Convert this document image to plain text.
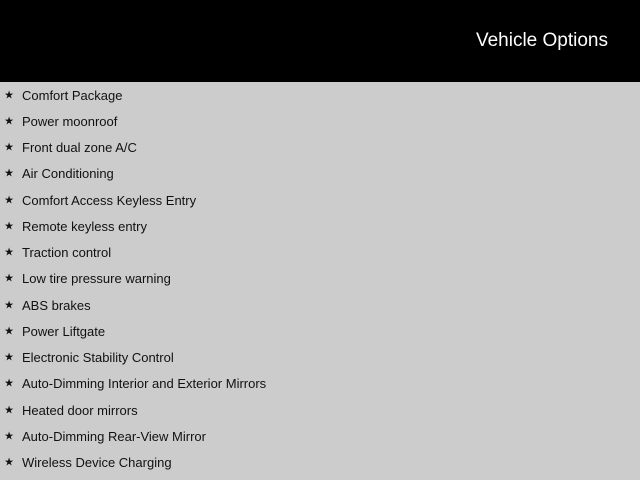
Vehicle Options
★ Comfort Package
★ Power moonroof
★ Front dual zone A/C
★ Air Conditioning
★ Comfort Access Keyless Entry
★ Remote keyless entry
★ Traction control
★ Low tire pressure warning
★ ABS brakes
★ Power Liftgate
★ Electronic Stability Control
★ Auto-Dimming Interior and Exterior Mirrors
★ Heated door mirrors
★ Auto-Dimming Rear-View Mirror
★ Wireless Device Charging
